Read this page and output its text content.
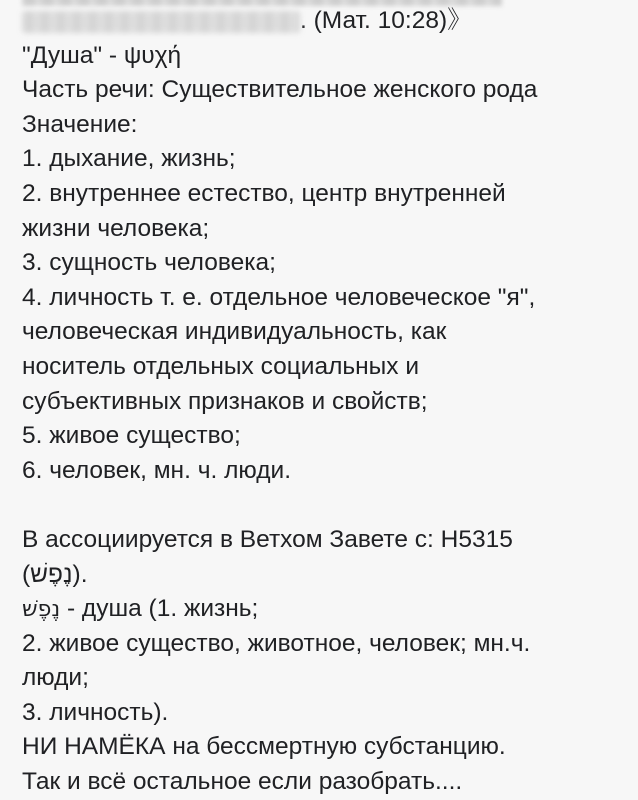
. (Мат. 10:28)》
"Душа" - ψυχή
Часть речи: Существительное женского рода
Значение:
1. дыхание, жизнь;
2. внутреннее естество, центр внутренней
жизни человека;
3. сущность человека;
4. личность т. е. отдельное человеческое "я",
человеческая индивидуальность, как
носитель отдельных социальных и
субъективных признаков и свойств;
5. живое существо;
6. человек, мн. ч. люди.
В ассоциируется в Ветхом Завете с: H5315
(נֶפֶשׁ).
נֶפֶשׁ - душа (1. жизнь;
2. живое существо, животное, человек; мн.ч.
люди;
3. личность).
НИ НАМЁКА на бессмертную субстанцию.
Так и всё остальное если разобрать....
